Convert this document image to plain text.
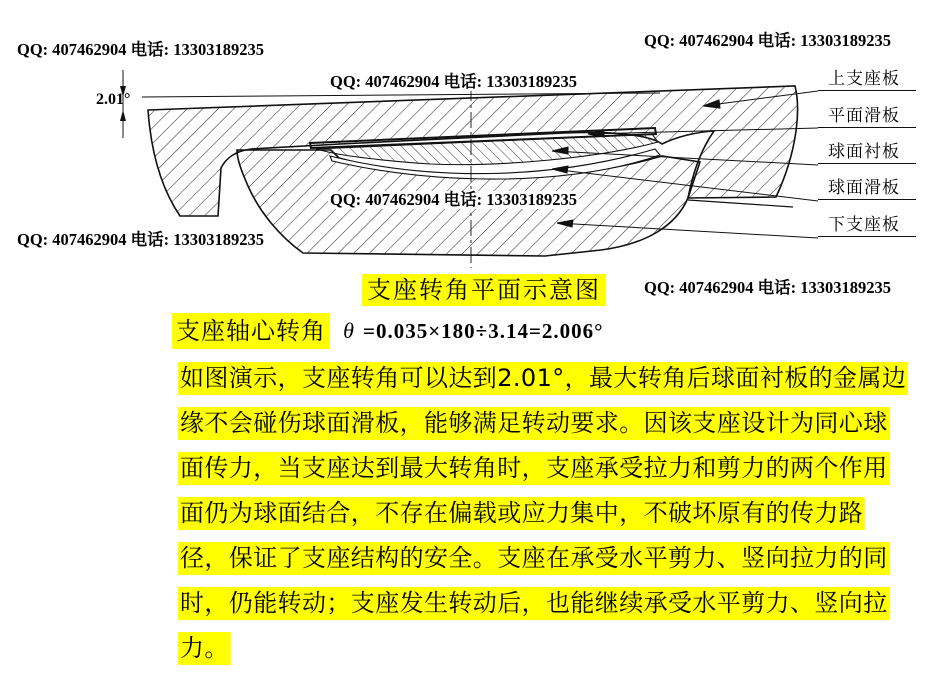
QQ: 407462904 电话: 13303189235
QQ: 407462904 电话: 13303189235
QQ: 407462904 电话: 13303189235
QQ: 407462904 电话: 13303189235
QQ: 407462904 电话: 13303189235
QQ: 407462904 电话: 13303189235
2.01°
上支座板
平面滑板
球面衬板
球面滑板
下支座板
支座转角平面示意图
支座轴心转角 θ =0.035×180÷3.14=2.006°
如图演示，支座转角可以达到2.01°，最大转角后球面衬板的金属边
缘不会碰伤球面滑板，能够满足转动要求。因该支座设计为同心球
面传力，当支座达到最大转角时，支座承受拉力和剪力的两个作用
面仍为球面结合，不存在偏载或应力集中，不破坏原有的传力路
径，保证了支座结构的安全。支座在承受水平剪力、竖向拉力的同
时，仍能转动；支座发生转动后，也能继续承受水平剪力、竖向拉
力。
